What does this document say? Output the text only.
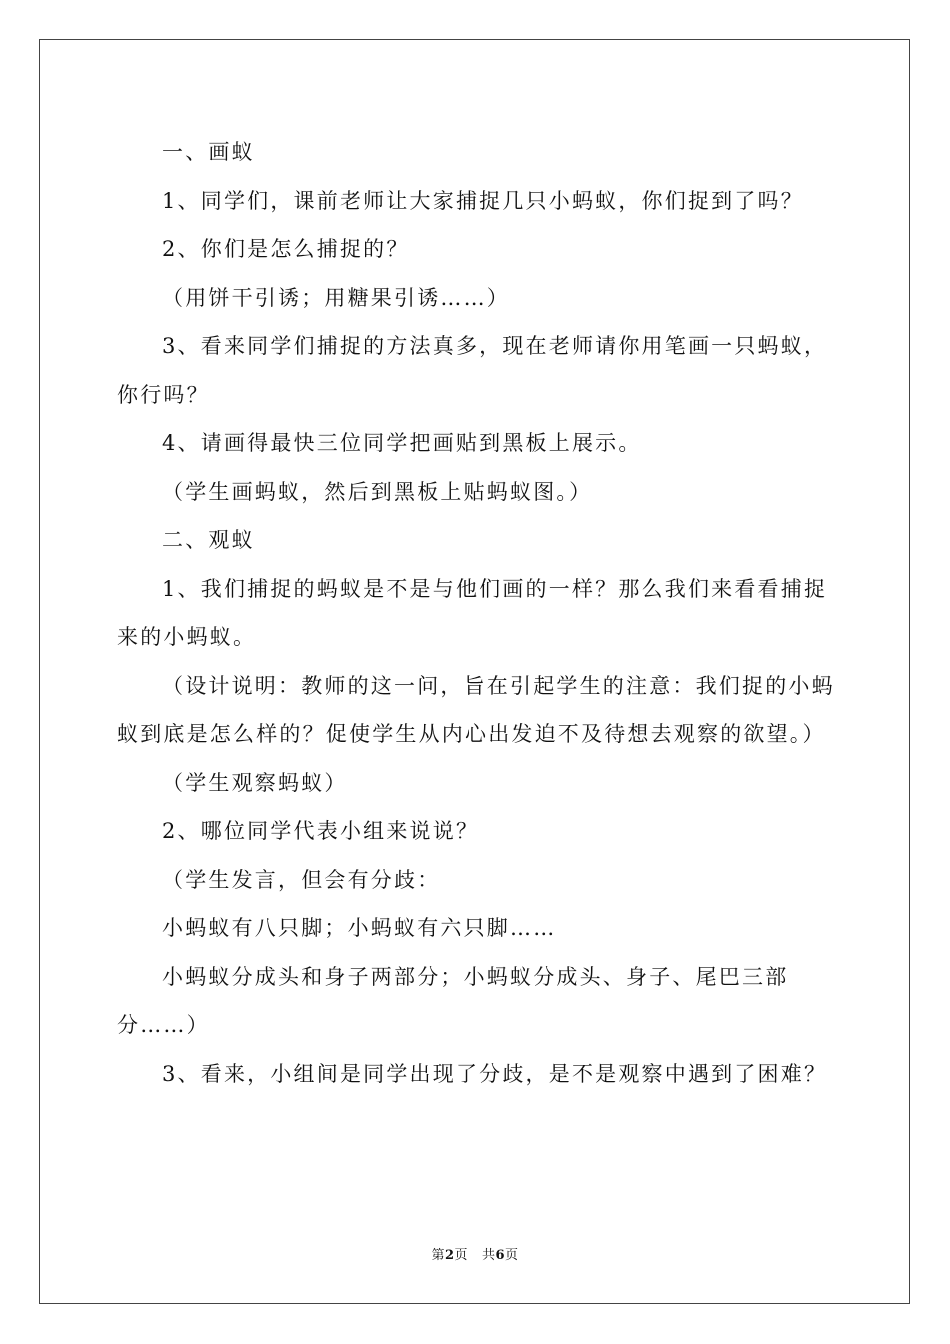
一、画蚁

1、同学们，课前老师让大家捕捉几只小蚂蚁，你们捉到了吗？

2、你们是怎么捕捉的？

（用饼干引诱；用糖果引诱……）

3、看来同学们捕捉的方法真多，现在老师请你用笔画一只蚂蚁，你行吗？

4、请画得最快三位同学把画贴到黑板上展示。

（学生画蚂蚁，然后到黑板上贴蚂蚁图。）

二、观蚁

1、我们捕捉的蚂蚁是不是与他们画的一样？那么我们来看看捕捉来的小蚂蚁。

（设计说明：教师的这一问，旨在引起学生的注意：我们捉的小蚂蚁到底是怎么样的？促使学生从内心出发迫不及待想去观察的欲望。）

（学生观察蚂蚁）

2、哪位同学代表小组来说说？

（学生发言，但会有分歧：

小蚂蚁有八只脚；小蚂蚁有六只脚……

小蚂蚁分成头和身子两部分；小蚂蚁分成头、身子、尾巴三部分……）

3、看来，小组间是同学出现了分歧，是不是观察中遇到了困难？

第2页 共6页
